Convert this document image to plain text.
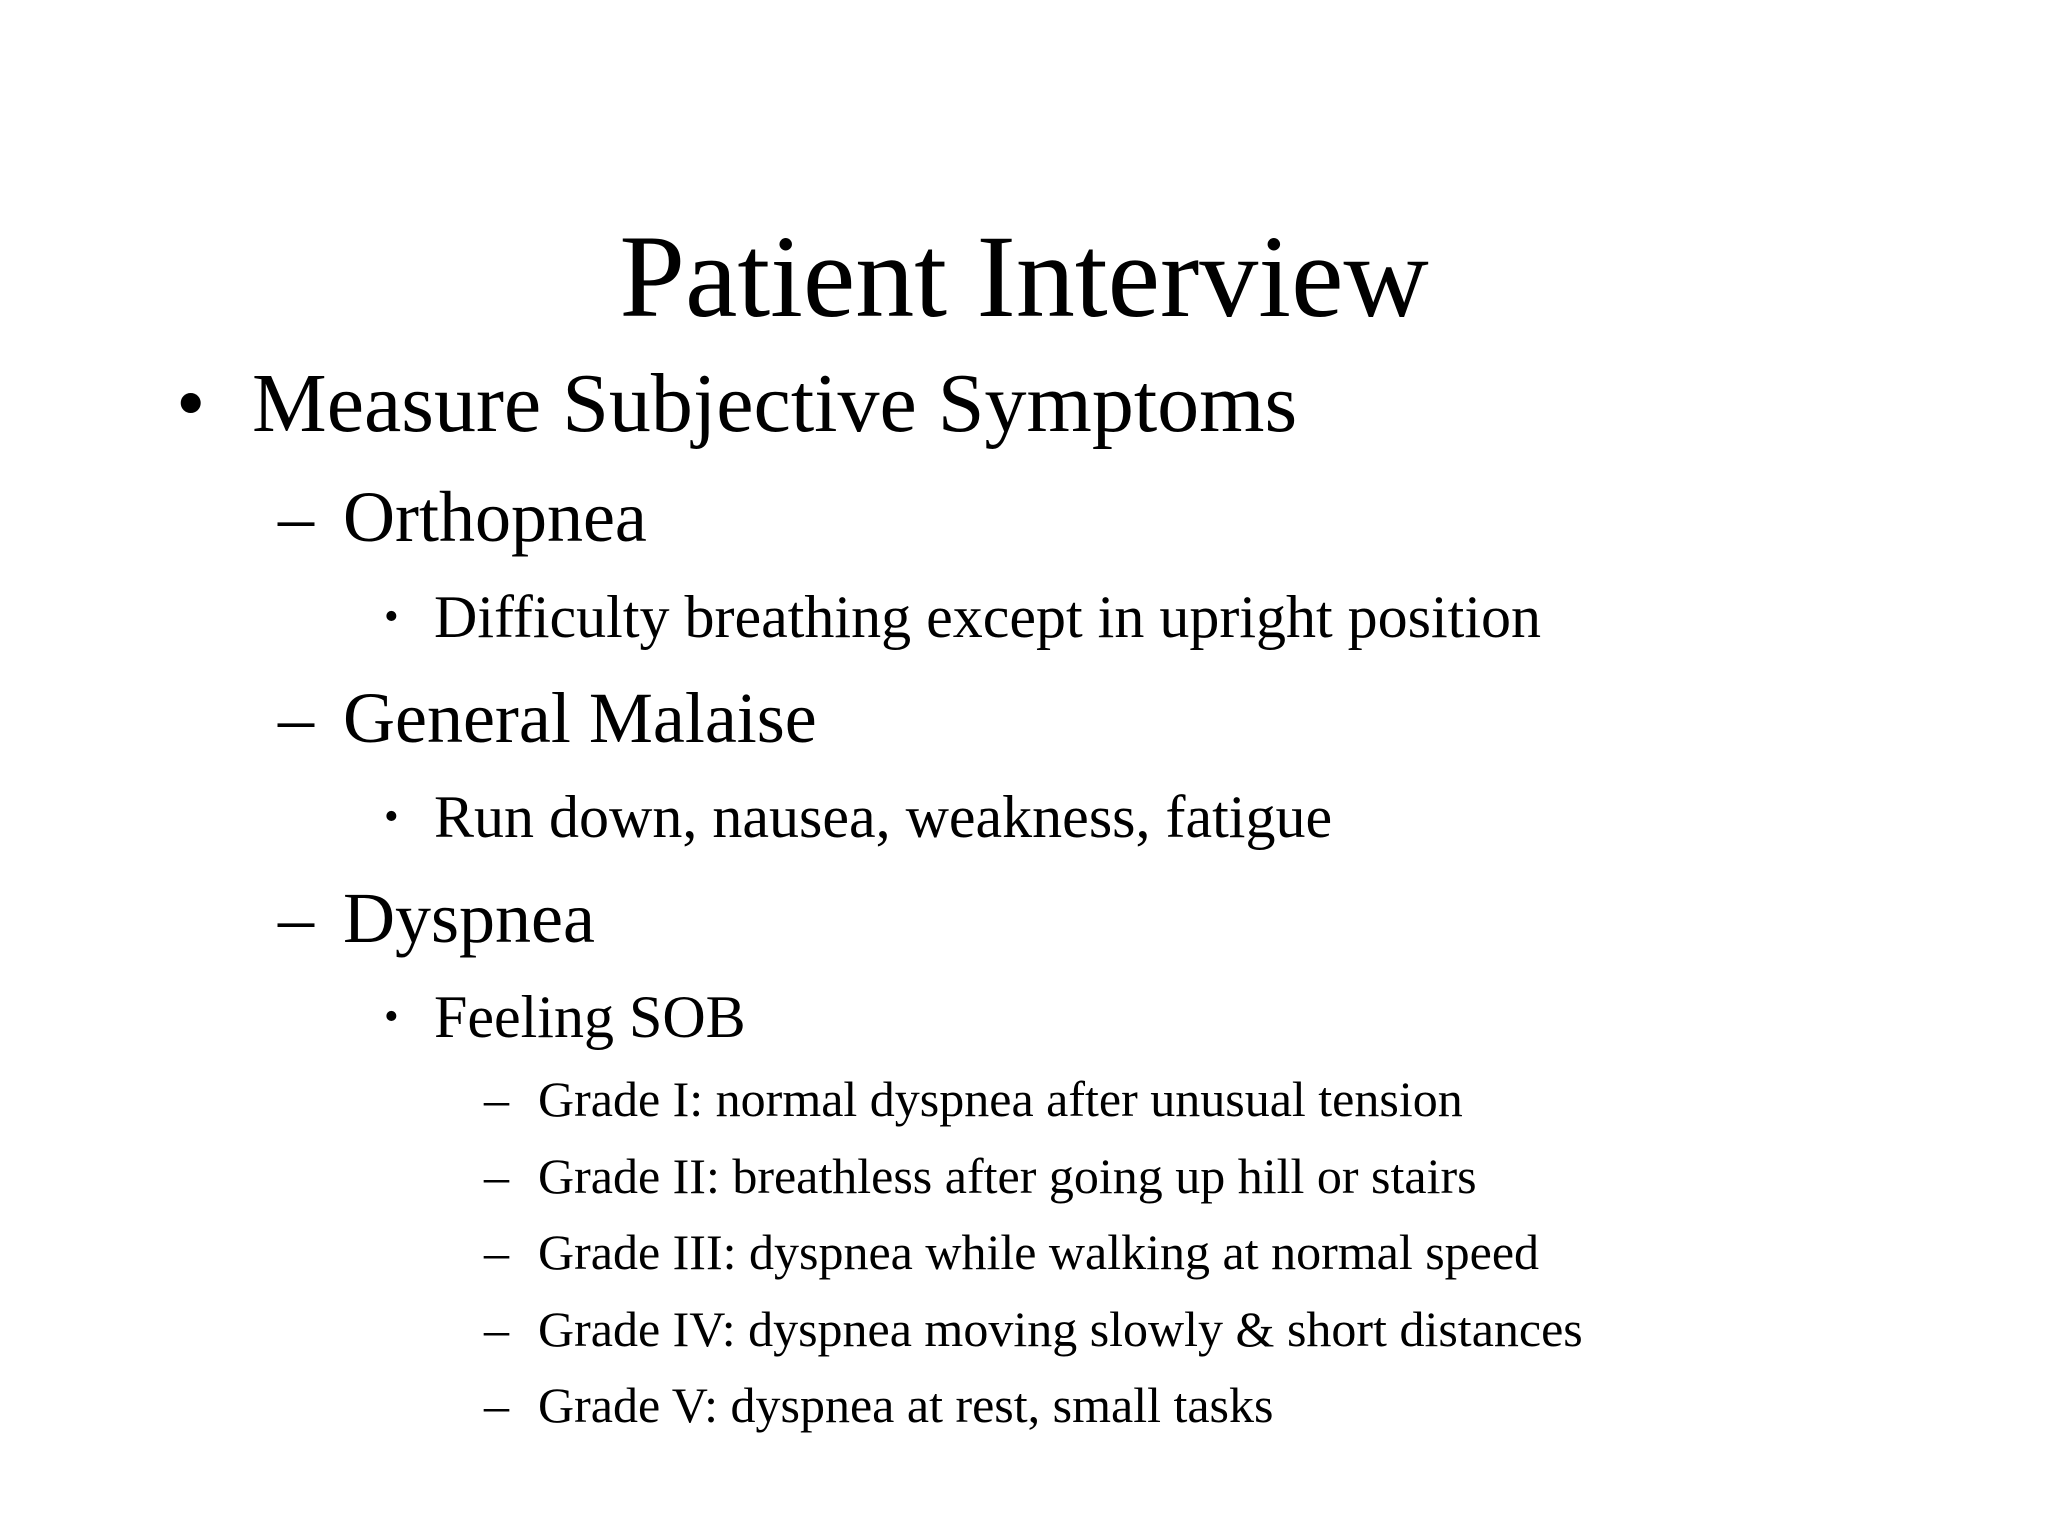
Patient Interview
• Measure Subjective Symptoms
– Orthopnea
• Difficulty breathing except in upright position
– General Malaise
• Run down, nausea, weakness, fatigue
– Dyspnea
• Feeling SOB
– Grade I: normal dyspnea after unusual tension
– Grade II: breathless after going up hill or stairs
– Grade III: dyspnea while walking at normal speed
– Grade IV: dyspnea moving slowly & short distances
– Grade V: dyspnea at rest, small tasks
